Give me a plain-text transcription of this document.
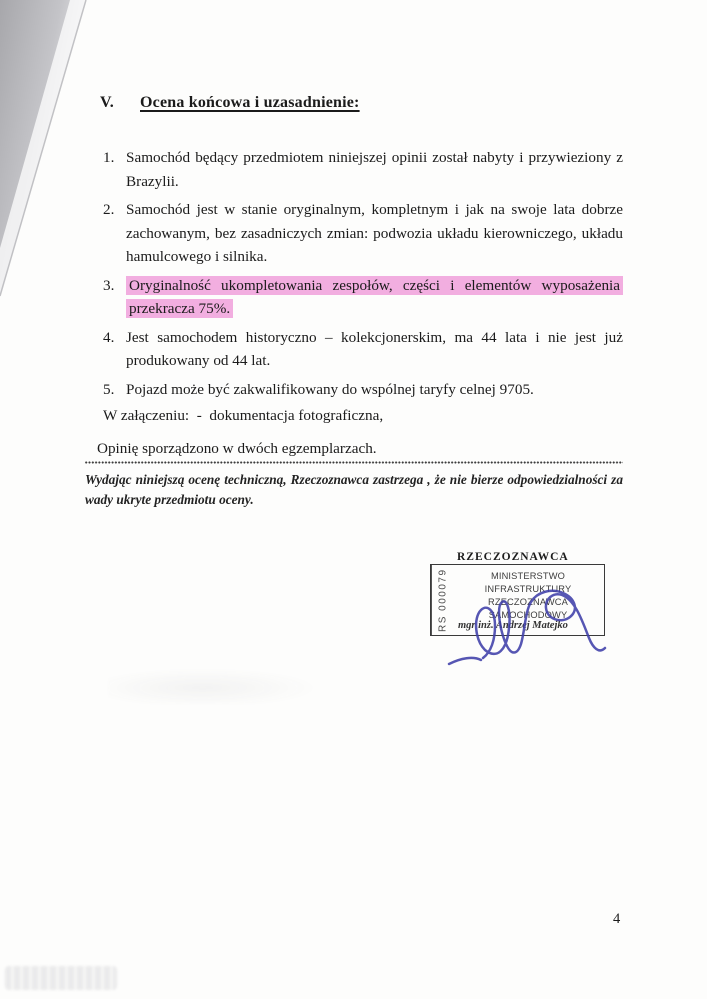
V.	Ocena końcowa i uzasadnienie:
1. Samochód będący przedmiotem niniejszej opinii został nabyty i przywieziony z Brazylii.
2. Samochód jest w stanie oryginalnym, kompletnym i jak na swoje lata dobrze zachowanym, bez zasadniczych zmian: podwozia układu kierowniczego, układu hamulcowego i silnika.
3. Oryginalność ukompletowania zespołów, części i elementów wyposażenia przekracza 75%.
4. Jest samochodem historyczno – kolekcjonerskim, ma 44 lata i nie jest już produkowany od 44 lat.
5. Pojazd może być zakwalifikowany do wspólnej taryfy celnej 9705.
W załączeniu:  -  dokumentacja fotograficzna,
Opinię sporządzono w dwóch egzemplarzach.
Wydając niniejszą ocenę techniczną, Rzeczoznawca zastrzega , że nie bierze odpowiedzialności za wady ukryte przedmiotu oceny.
RZECZOZNAWCA
RS 000079	MINISTERSTWO INFRASTRUKTURY
RZECZOZNAWCA SAMOCHODOWY
mgr inż. Andrzej Matejko
4
